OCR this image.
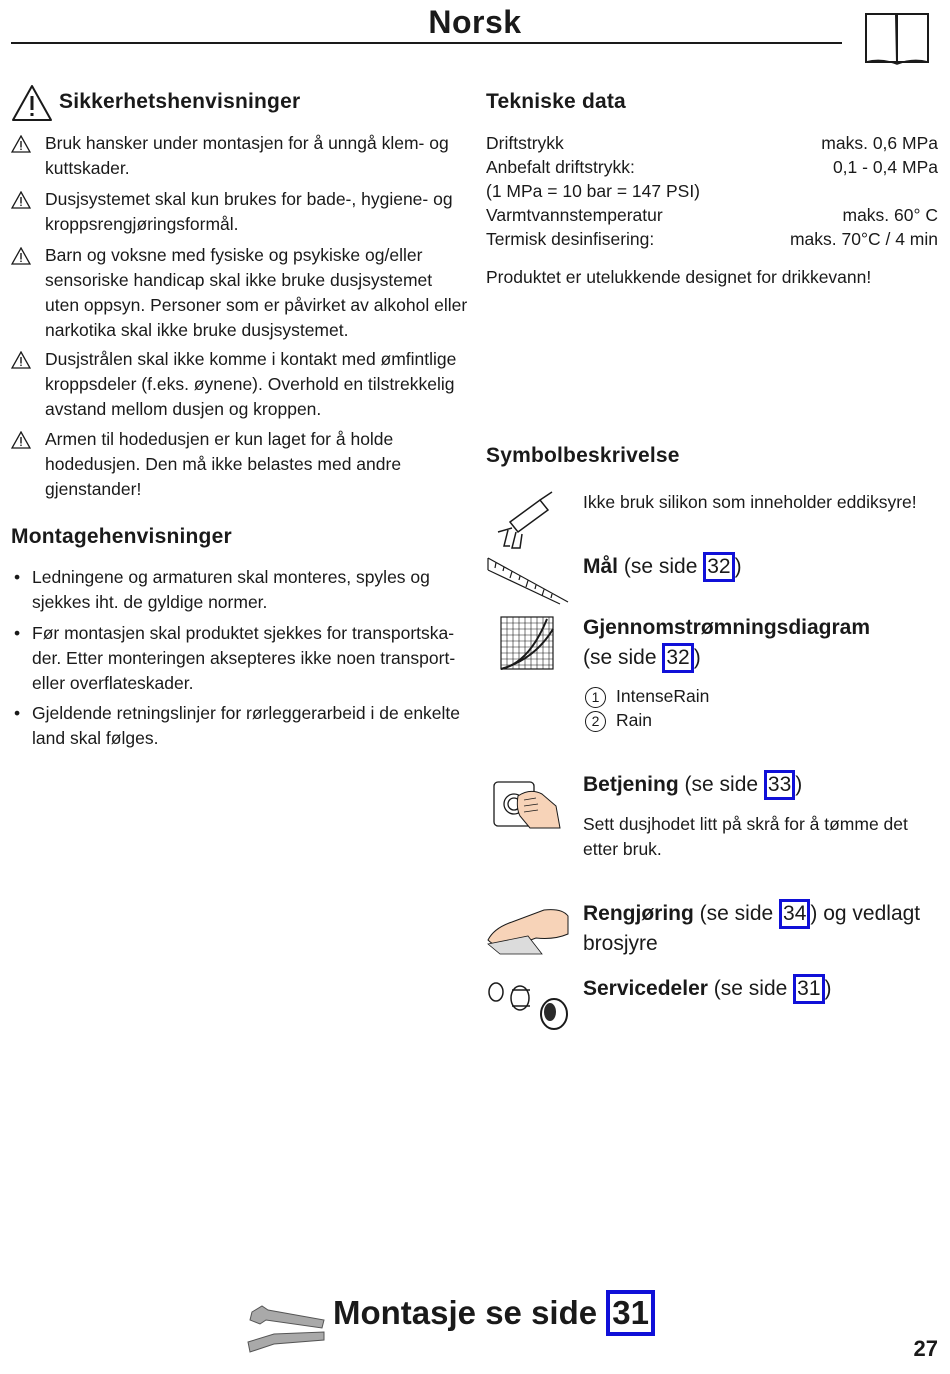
Norsk
Sikkerhetshenvisninger
Bruk hansker under montasjen for å unngå klem- og kuttskader.
Dusjsystemet skal kun brukes for bade-, hygiene- og kroppsrengjøringsformål.
Barn og voksne med fysiske og psykiske og/eller sensoriske handicap skal ikke bruke dusjsystemet uten oppsyn. Personer som er påvirket av alkohol eller narkotika skal ikke bruke dusjsystemet.
Dusjstrålen skal ikke komme i kontakt med ømfintlige kroppsdeler (f.eks. øynene). Overhold en tilstrekkelig avstand mellom dusjen og kroppen.
Armen til hodedusjen er kun laget for å holde hodedusjen. Den må ikke belastes med andre gjenstander!
Montagehenvisninger
• Ledningene og armaturen skal monteres, spyles og sjekkes iht. de gyldige normer.
• Før montasjen skal produktet sjekkes for transportska-der. Etter monteringen aksepteres ikke noen transport- eller overflateskader.
• Gjeldende retningslinjer for rørleggerarbeid i de enkelte land skal følges.
Tekniske data
Driftstrykk	maks. 0,6 MPa
Anbefalt driftstrykk:	0,1 - 0,4 MPa
(1 MPa = 10 bar = 147 PSI)
Varmtvannstemperatur	maks. 60° C
Termisk desinfisering:	maks. 70°C / 4 min
Produktet er utelukkende designet for drikkevann!
Symbolbeskrivelse
Ikke bruk silikon som inneholder eddiksyre!
Mål (se side 32 )
Gjennomstrømningsdiagram
(se side 32 )
1 IntenseRain
2 Rain
Betjening (se side 33 )
Sett dusjhodet litt på skrå for å tømme det etter bruk.
Rengjøring (se side 34 ) og vedlagt brosjyre
Servicedeler (se side 31 )
Montasje se side 31
27
